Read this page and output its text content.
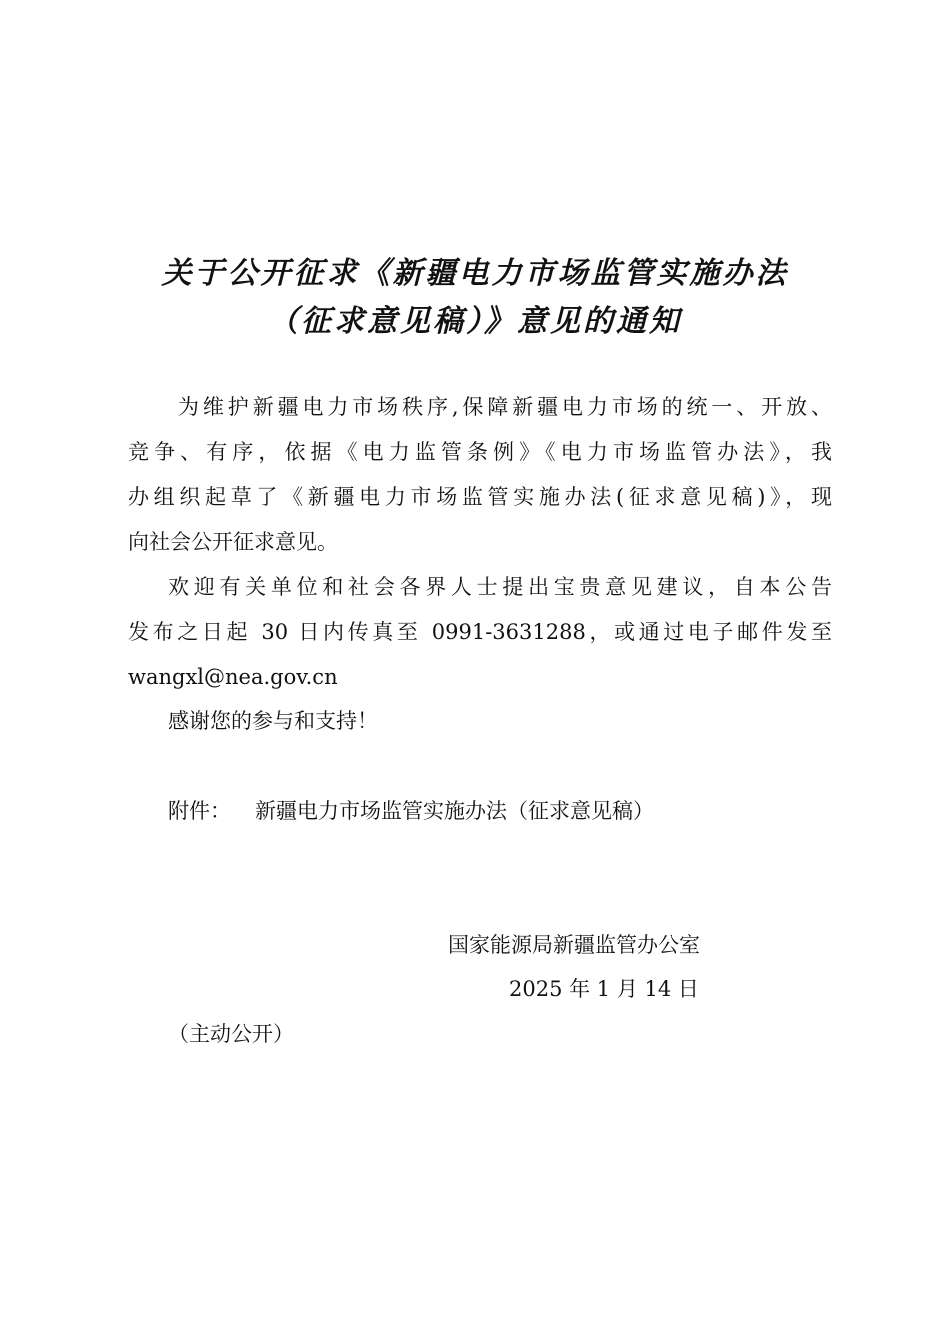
关于公开征求《新疆电力市场监管实施办法
（征求意见稿）》意见的通知
为维护新疆电力市场秩序,保障新疆电力市场的统一、开放、
竞争、有序，依据《电力监管条例》《电力市场监管办法》，我
办组织起草了《新疆电力市场监管实施办法(征求意见稿)》，现
向社会公开征求意见。
欢迎有关单位和社会各界人士提出宝贵意见建议，自本公告
发布之日起 30 日内传真至 0991-3631288，或通过电子邮件发至
wangxl@nea.gov.cn
感谢您的参与和支持！
附件： 新疆电力市场监管实施办法（征求意见稿）
国家能源局新疆监管办公室
2025 年 1 月 14 日
（主动公开）
